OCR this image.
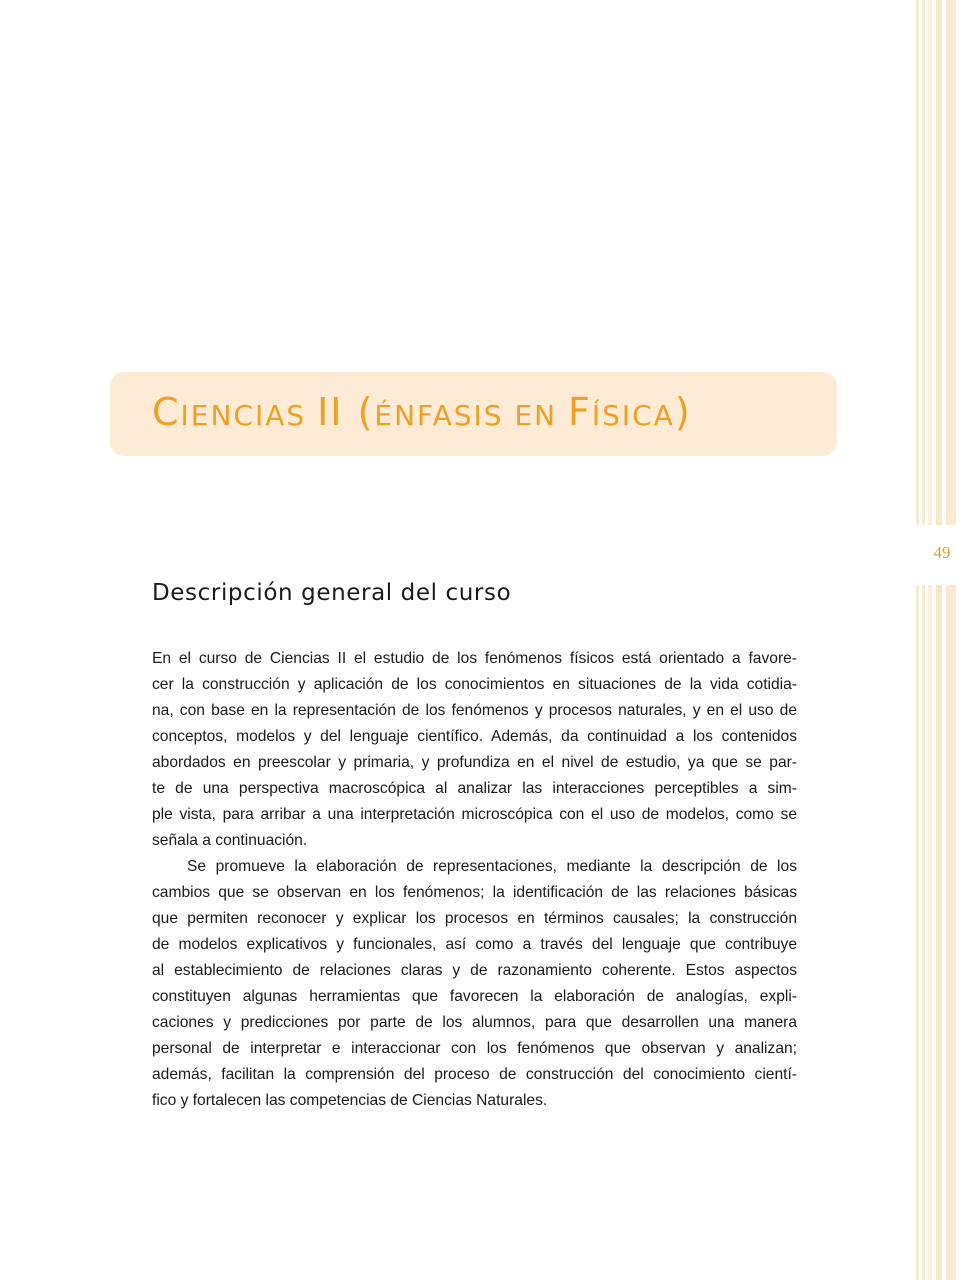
49
CIENCIAS II (ÉNFASIS EN FÍSICA)
Descripción general del curso
En el curso de Ciencias II el estudio de los fenómenos físicos está orientado a favore-
cer la construcción y aplicación de los conocimientos en situaciones de la vida cotidia-
na, con base en la representación de los fenómenos y procesos naturales, y en el uso de
conceptos, modelos y del lenguaje científico. Además, da continuidad a los contenidos
abordados en preescolar y primaria, y profundiza en el nivel de estudio, ya que se par-
te de una perspectiva macroscópica al analizar las interacciones perceptibles a sim-
ple vista, para arribar a una interpretación microscópica con el uso de modelos, como se
señala a continuación.
Se promueve la elaboración de representaciones, mediante la descripción de los
cambios que se observan en los fenómenos; la identificación de las relaciones básicas
que permiten reconocer y explicar los procesos en términos causales; la construcción
de modelos explicativos y funcionales, así como a través del lenguaje que contribuye
al establecimiento de relaciones claras y de razonamiento coherente. Estos aspectos
constituyen algunas herramientas que favorecen la elaboración de analogías, expli-
caciones y predicciones por parte de los alumnos, para que desarrollen una manera
personal de interpretar e interaccionar con los fenómenos que observan y analizan;
además, facilitan la comprensión del proceso de construcción del conocimiento cientí-
fico y fortalecen las competencias de Ciencias Naturales.
